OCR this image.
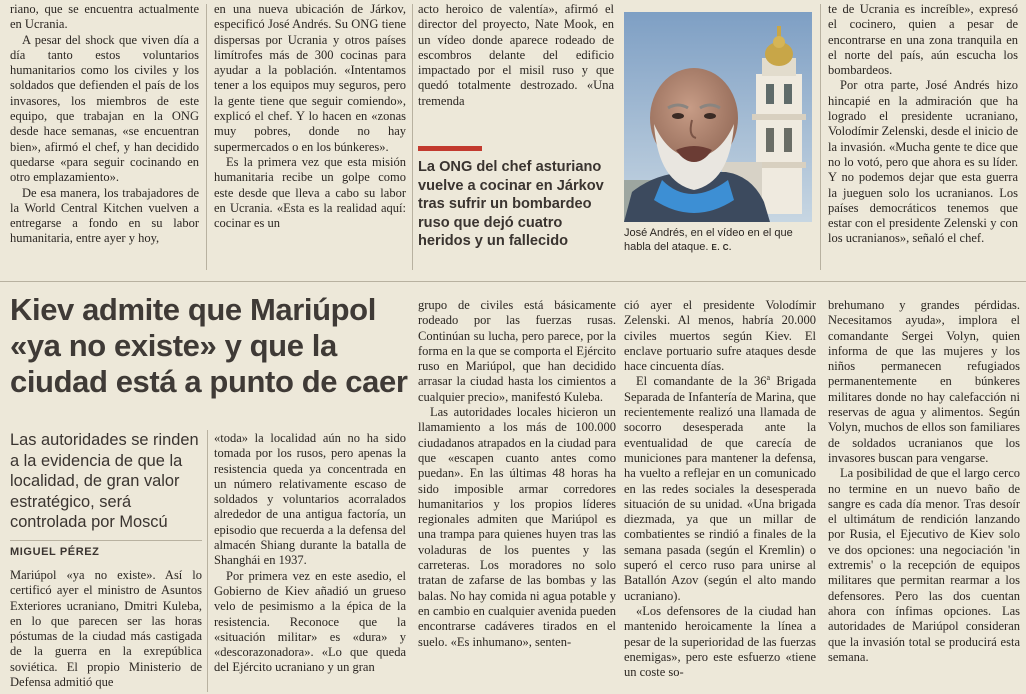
riano, que se encuentra actualmente en Ucrania.

A pesar del shock que viven día a día tanto estos voluntarios humanitarios como los civiles y los soldados que defienden el país de los invasores, los miembros de este equipo, que trabajan en la ONG desde hace semanas, «se encuentran bien», afirmó el chef, y han decidido quedarse «para seguir cocinando en otro emplazamiento».

De esa manera, los trabajadores de la World Central Kitchen vuelven a entregarse a fondo en su labor humanitaria, entre ayer y hoy,

en una nueva ubicación de Járkov, especificó José Andrés. Su ONG tiene dispersas por Ucrania y otros países limítrofes más de 300 cocinas para ayudar a la población. «Intentamos tener a los equipos muy seguros, pero la gente tiene que seguir comiendo», explicó el chef. Y lo hacen en «zonas muy pobres, donde no hay supermercados o en los búnkeres».

Es la primera vez que esta misión humanitaria recibe un golpe como este desde que lleva a cabo su labor en Ucrania. «Esta es la realidad aquí: cocinar es un

acto heroico de valentía», afirmó el director del proyecto, Nate Mook, en un vídeo donde aparece rodeado de escombros delante del edificio impactado por el misil ruso y que quedó totalmente destrozado. «Una tremenda

La ONG del chef asturiano vuelve a cocinar en Járkov tras sufrir un bombardeo ruso que dejó cuatro heridos y un fallecido	José Andrés, en el vídeo en el que habla del ataque. E. C.

te de Ucrania es increíble», expresó el cocinero, quien a pesar de encontrarse en una zona tranquila en el norte del país, aún escucha los bombardeos.

Por otra parte, José Andrés hizo hincapié en la admiración que ha logrado el presidente ucraniano, Volodímir Zelenski, desde el inicio de la invasión. «Mucha gente te dice que no lo votó, pero que ahora es su líder. Y no podemos dejar que esta guerra la jueguen solo los ucranianos. Los países democráticos tenemos que estar con el presidente Zelenski y con los ucranianos», señaló el chef.

Kiev admite que Mariúpol «ya no existe» y que la ciudad está a punto de caer
Las autoridades se rinden a la evidencia de que la localidad, de gran valor estratégico, será controlada por Moscú
MIGUEL PÉREZ

Mariúpol «ya no existe». Así lo certificó ayer el ministro de Asuntos Exteriores ucraniano, Dmitri Kuleba, en lo que parecen ser las horas póstumas de la ciudad más castigada de la guerra en la exrepública soviética. El propio Ministerio de Defensa admitió que

«toda» la localidad aún no ha sido tomada por los rusos, pero apenas la resistencia queda ya concentrada en un número relativamente escaso de soldados y voluntarios acorralados alrededor de una antigua factoría, un episodio que recuerda a la defensa del almacén Shiang durante la batalla de Shanghái en 1937.

Por primera vez en este asedio, el Gobierno de Kiev añadió un grueso velo de pesimismo a la épica de la resistencia. Reconoce que la «situación militar» es «dura» y «descorazonadora». «Lo que queda del Ejército ucraniano y un gran

grupo de civiles está básicamente rodeado por las fuerzas rusas. Continúan su lucha, pero parece, por la forma en la que se comporta el Ejército ruso en Mariúpol, que han decidido arrasar la ciudad hasta los cimientos a cualquier precio», manifestó Kuleba.

Las autoridades locales hicieron un llamamiento a los más de 100.000 ciudadanos atrapados en la ciudad para que «escapen cuanto antes como puedan». En las últimas 48 horas ha sido imposible armar corredores humanitarios y los propios líderes regionales admiten que Mariúpol es una trampa para quienes huyen tras las voladuras de los puentes y las carreteras. Los moradores no solo tratan de zafarse de las bombas y las balas. No hay comida ni agua potable y en cambio en cualquier avenida pueden encontrarse cadáveres tirados en el suelo. «Es inhumano», senten-

ció ayer el presidente Volodímir Zelenski. Al menos, habría 20.000 civiles muertos según Kiev. El enclave portuario sufre ataques desde hace cincuenta días.

El comandante de la 36$^a$ Brigada Separada de Infantería de Marina, que recientemente realizó una llamada de socorro desesperada ante la eventualidad de que carecía de municiones para mantener la defensa, ha vuelto a reflejar en un comunicado en las redes sociales la desesperada situación de su unidad. «Una brigada diezmada, ya que un millar de combatientes se rindió a finales de la semana pasada (según el Kremlin) o superó el cerco ruso para unirse al Batallón Azov (según el alto mando ucraniano).

«Los defensores de la ciudad han mantenido heroicamente la línea a pesar de la superioridad de las fuerzas enemigas», pero este esfuerzo «tiene un coste so-

brehumano y grandes pérdidas. Necesitamos ayuda», implora el comandante Sergei Volyn, quien informa de que las mujeres y los niños permanecen refugiados permanentemente en búnkeres militares donde no hay calefacción ni reservas de agua y alimentos. Según Volyn, muchos de ellos son familiares de soldados ucranianos que los invasores buscan para vengarse.

La posibilidad de que el largo cerco no termine en un nuevo baño de sangre es cada día menor. Tras desoír el ultimátum de rendición lanzando por Rusia, el Ejecutivo de Kiev solo ve dos opciones: una negociación 'in extremis' o la recepción de equipos militares que permitan rearmar a los defensores. Pero las dos cuentan ahora con ínfimas opciones. Las autoridades de Mariúpol consideran que la invasión total se producirá esta semana.
